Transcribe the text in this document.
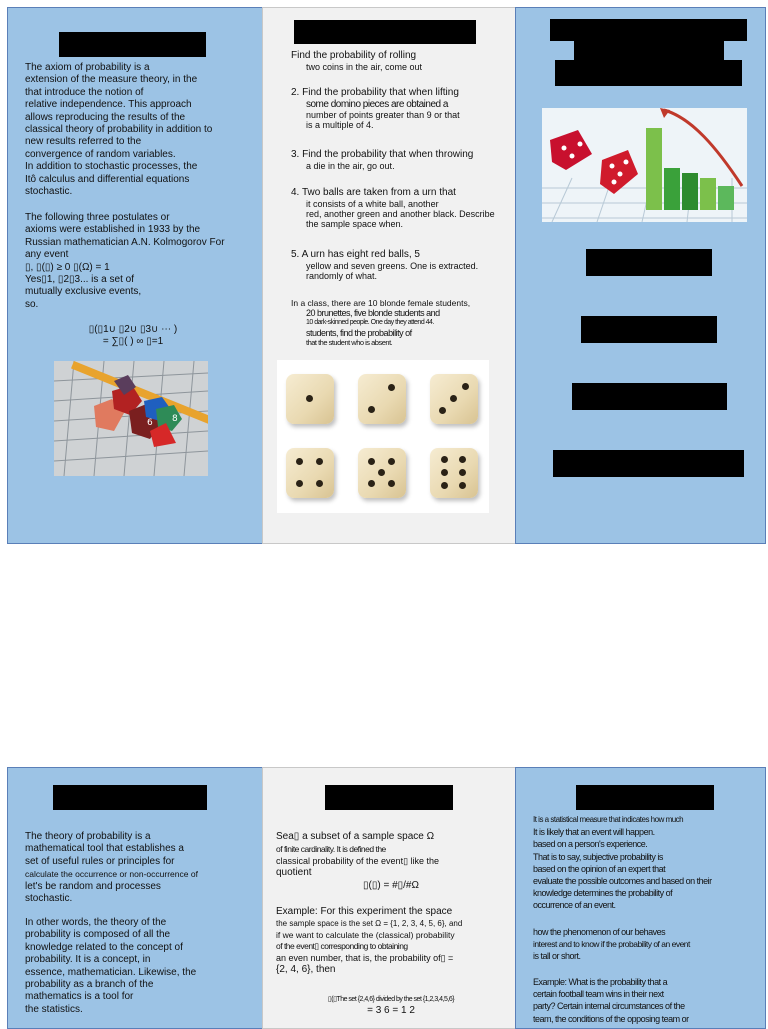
The axiom of probability is a

extension of the measure theory, in the

that introduce the notion of

relative independence. This approach

allows reproducing the results of the

classical theory of probability in addition to

new results referred to the

convergence of random variables.

In addition to stochastic processes, the

Itô calculus and differential equations

stochastic.

The following three postulates or

axioms were established in 1933 by the

Russian mathematician A.N. Kolmogorov For

any event

▯, ▯(▯) ≥ 0 ▯(Ω) = 1

Yes▯1, ▯2▯3... is a set of

mutually exclusive events,

so.

▯(▯1∪ ▯2∪ ▯3∪ ⋯ )

= ∑▯( ) ∞ ▯=1

8
6
Find the probability of rolling
two coins in the air, come out
2. Find the probability that when lifting
some domino pieces are obtained a
number of points greater than 9 or that
is a multiple of 4.
3. Find the probability that when throwing
a die in the air, go out.
4. Two balls are taken from a urn that
it consists of a white ball, another
red, another green and another black. Describe
the sample space when.
5. A urn has eight red balls, 5
yellow and seven greens. One is extracted.
randomly of what.
In a class, there are 10 blonde female students,
20 brunettes, five blonde students and
10 dark-skinned people. One day they attend 44.
students, find the probability of
that the student who is absent.

The theory of probability is a

mathematical tool that establishes a

set of useful rules or principles for

calculate the occurrence or non-occurrence of

let's be random and processes

stochastic.

In other words, the theory of the

probability is composed of all the

knowledge related to the concept of

probability. It is a concept, in

essence, mathematician. Likewise, the

probability as a branch of the

mathematics is a tool for

the statistics.

Sea▯ a subset of a sample space Ω

of finite cardinality. It is defined the

classical probability of the event▯ like the

quotient

▯(▯) = #▯/#Ω

Example: For this experiment the space

the sample space is the set Ω = {1, 2, 3, 4, 5, 6}, and

if we want to calculate the (classical) probability

of the event▯ corresponding to obtaining

an even number, that is, the probability of▯ =

{2, 4, 6}, then

▯(▯The set {2,4,6} divided by the set {1,2,3,4,5,6}

= 3 6 = 1 2

It is a statistical measure that indicates how much

It is likely that an event will happen.

based on a person's experience.

That is to say, subjective probability is

based on the opinion of an expert that

evaluate the possible outcomes and based on their

knowledge determines the probability of

occurrence of an event.

how the phenomenon of our behaves

interest and to know if the probability of an event

is tall or short.

Example: What is the probability that a

certain football team wins in their next

party? Certain internal circumstances of the

team, the conditions of the opposing team or
